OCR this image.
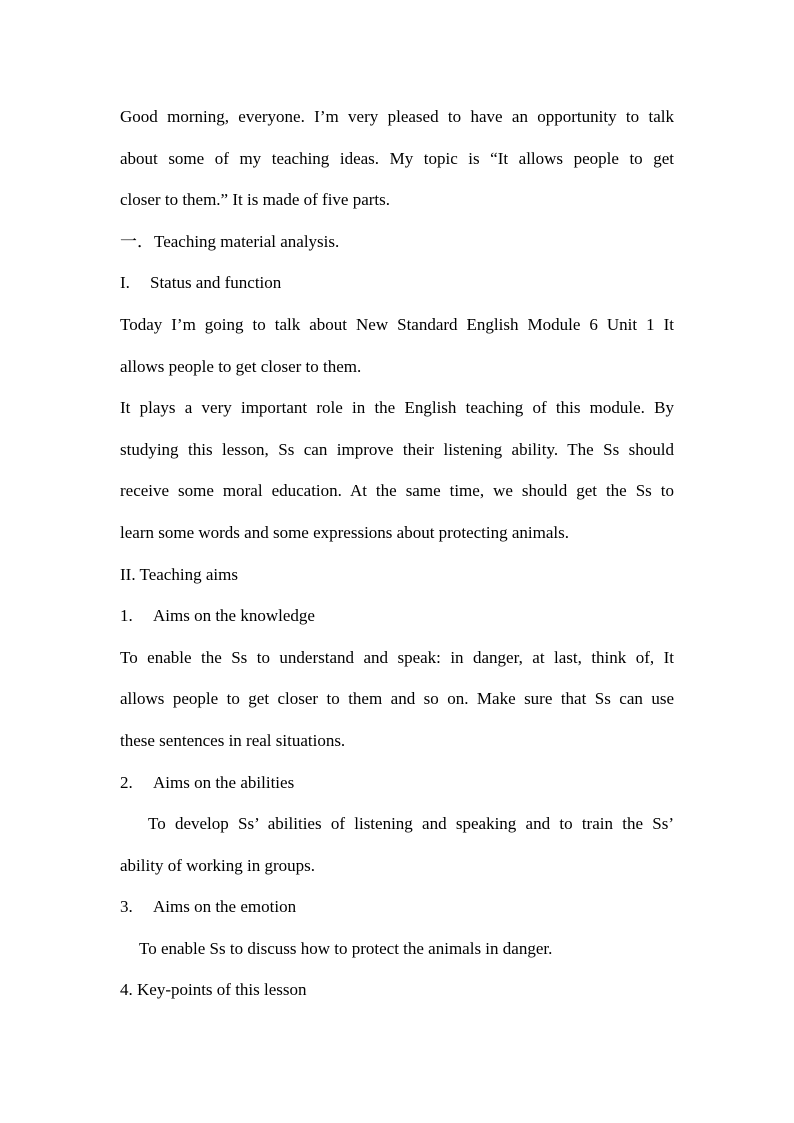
Good morning, everyone. I’m very pleased to have an opportunity to talk
about some of my teaching ideas. My topic is “It allows people to get
closer to them.” It is made of five parts.
一．Teaching material analysis.
I. Status and function
Today I’m going to talk about New Standard English Module 6 Unit 1 It
allows people to get closer to them.
It plays a very important role in the English teaching of this module. By
studying this lesson, Ss can improve their listening ability. The Ss should
receive some moral education. At the same time, we should get the Ss to
learn some words and some expressions about protecting animals.
II. Teaching aims
1. Aims on the knowledge
To enable the Ss to understand and speak: in danger, at last, think of, It
allows people to get closer to them and so on. Make sure that Ss can use
these sentences in real situations.
2. Aims on the abilities
To develop Ss’ abilities of listening and speaking and to train the Ss’
ability of working in groups.
3. Aims on the emotion
To enable Ss to discuss how to protect the animals in danger.
4. Key-points of this lesson
